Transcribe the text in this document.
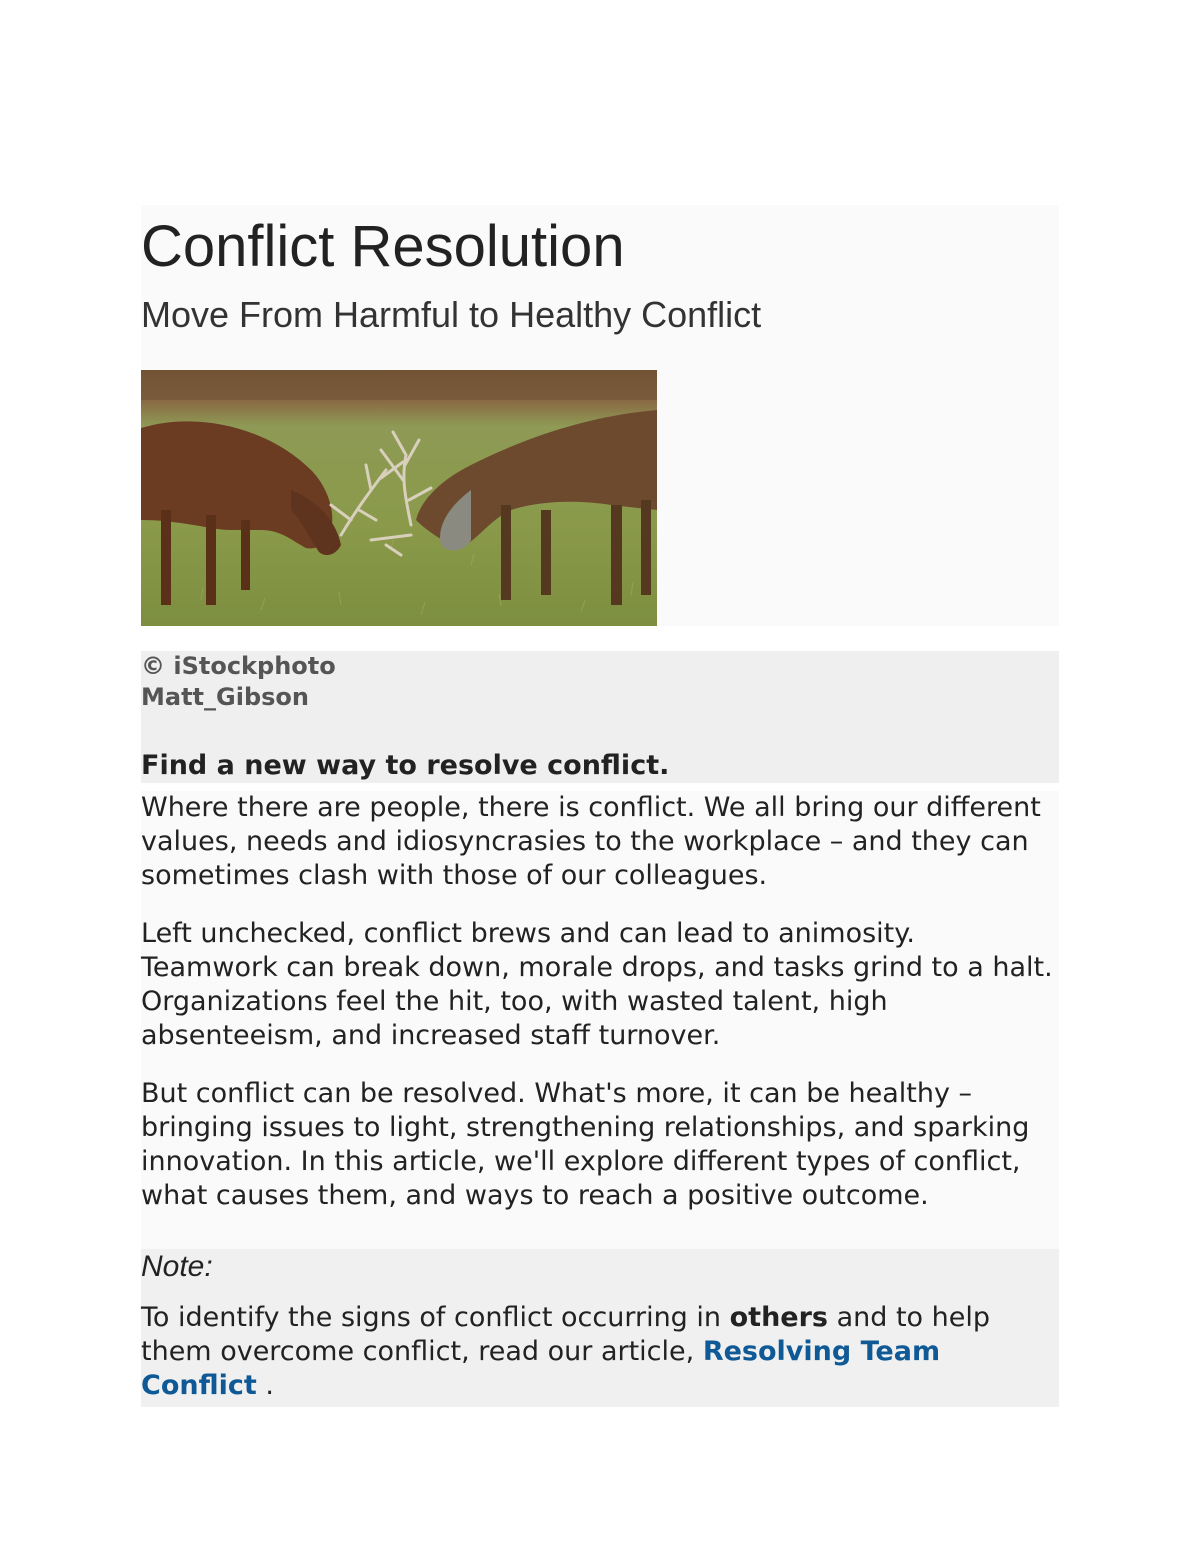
Conflict Resolution
Move From Harmful to Healthy Conflict

© iStockphoto
Matt_Gibson

Find a new way to resolve conflict.

Where there are people, there is conflict. We all bring our different values, needs and idiosyncrasies to the workplace – and they can sometimes clash with those of our colleagues.

Left unchecked, conflict brews and can lead to animosity. Teamwork can break down, morale drops, and tasks grind to a halt. Organizations feel the hit, too, with wasted talent, high absenteeism, and increased staff turnover.

But conflict can be resolved. What's more, it can be healthy – bringing issues to light, strengthening relationships, and sparking innovation. In this article, we'll explore different types of conflict, what causes them, and ways to reach a positive outcome.

Note:

To identify the signs of conflict occurring in others and to help them overcome conflict, read our article, Resolving Team Conflict .
